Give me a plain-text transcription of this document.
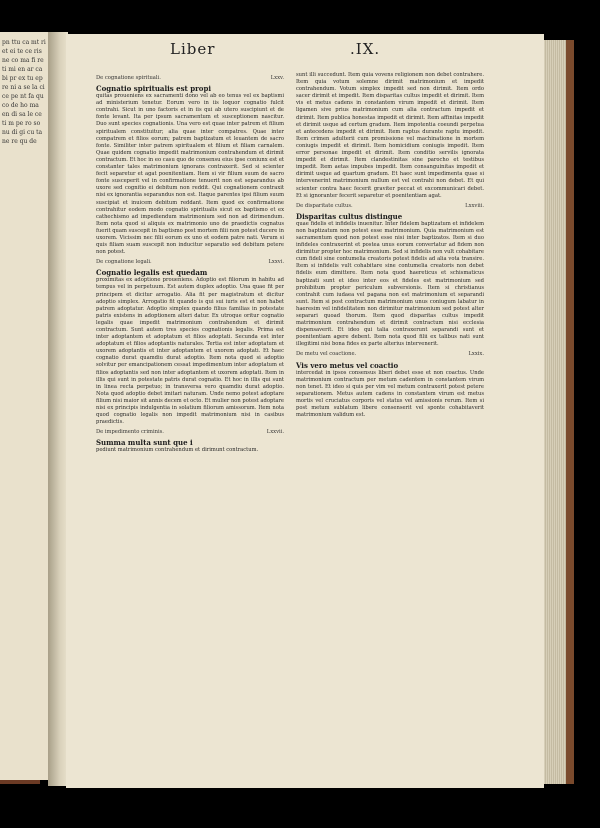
pn ttu ca mt ri et ei te ce ris ne co ma fi re ti mi en ar ca bi pr ex tu ep re ni a se la ci ce pe nt fa qu co de ho ma en di sa le ce ti m pe ro so nu di gi cu ta ne re qu de
Liber	.IX.
De cognatione spirituali.	Lxxv.
Cognatio spiritualis est propi
quitas proueniens ex sacramenti dono vel ab eo tenus vel ex baptismi ad ministerium tenetur. Eorum vero in iis loquor cognatio fulcit contrahi. Sicut in uno factoris et in iis qui ab utero suscipiunt et de fonte levant. Ita per ipsum sacramentum et susceptionem nascitur. Duo sunt species cognationis. Una vero est quae inter patrem et filium spiritualem constituitur; alia quae inter compatres. Quae inter compatrem et filios eorum; patrem baptizatum et leuantem de sacro fonte. Similiter inter patrem spiritualem et filium et filiam carnalem. Quae quidem cognatio impedit matrimonium contrahendum et dirimit contractum. Et hoc in eo casu quo de consensu eius ipse coniunx est et constanter tales matrimonium ignorans contraxerit. Sed si scienter fecit separetur et agat poenitentiam. Item si vir filium suum de sacro fonte susceperit vel in confirmatione tenuerit non est separandus ab uxore sed cognitio ei debitum non reddit. Qui cognationem contraxit nisi ex ignorantia separandus non est. Itaque parentes ipsi filium suum suscipiat et inuicem debitum reddant. Item quod ex confirmatione contrahitur eodem modo cognatio spiritualis sicut ex baptismo et ex cathechismo ad impediendum matrimonium sed non ad dirimendum. Item nota quod si aliquis ex matrimonio uno de praedictis cognatus fuerit quam suscepit in baptismo post mortem filii non potest ducere in uxorem. Vicissim nec filii eorum ex uno et eodem patre nati. Verum si quis filiam suam suscepit non inducitur separatio sed debitum petere non potest.
De cognatione legali.	Lxxvi.
Cognatio legalis est quedam
proximitas ex adoptione proueniens. Adoptio est filiorum in habitu ad tempus vel in perpetuum. Est autem duplex adoptio. Una quae fit per principem et dicitur arrogatio. Alia fit per magistratum et dicitur adoptio simplex. Arrogatio fit quando is qui sui iuris est et non habet patrem adoptatur. Adoptio simplex quando filius familias in potestate patris existens in adoptionem alteri datur. Ex utroque oritur cognatio legalis quae impedit matrimonium contrahendum et dirimit contractum. Sunt autem tres species cognationis legalis. Prima est inter adoptantem et adoptatum et filios adoptati. Secunda est inter adoptatum et filios adoptantis naturales. Tertia est inter adoptatum et uxorem adoptantis et inter adoptantem et uxorem adoptati. Et haec cognatio durat quamdiu durat adoptio. Item nota quod si adoptio solvitur per emancipationem cessat impedimentum inter adoptatum et filios adoptantis sed non inter adoptantem et uxorem adoptati. Item in illis qui sunt in potestate patris durat cognatio. Et hoc in illis qui sunt in linea recta perpetuo; in transversa vero quamdiu durat adoptio. Nota quod adoptio debet imitari naturam. Unde nemo potest adoptare filium nisi maior sit annis decem et octo. Et mulier non potest adoptare nisi ex principis indulgentia in solatium filiorum amissorum. Item nota quod cognatio legalis non impedit matrimonium nisi in casibus praedictis.
De impedimento criminis.	Lxxvii.
Summa multa sunt que i
pediunt matrimonium contrahendum et dirimunt contractum.
sunt illi succedunt. Item quia vovens religionem non debet contrahere. Item quia votum solemne dirimit matrimonium et impedit contrahendum. Votum simplex impedit sed non dirimit. Item ordo sacer dirimit et impedit. Item disparitas cultus impedit et dirimit. Item vis et metus cadens in constantem virum impedit et dirimit. Item ligamen sive prius matrimonium cum alia contractum impedit et dirimit. Item publica honestas impedit et dirimit. Item affinitas impedit et dirimit usque ad certum gradum. Item impotentia coeundi perpetua et antecedens impedit et dirimit. Item raptus durante raptu impedit. Item crimen adulterii cum promissione vel machinatione in mortem coniugis impedit et dirimit. Item homicidium coniugis impedit. Item error personae impedit et dirimit. Item conditio servilis ignorata impedit et dirimit. Item clandestinitas sine parocho et testibus impedit. Item aetas impubes impedit. Item consanguinitas impedit et dirimit usque ad quartum gradum. Et haec sunt impedimenta quae si intervenerint matrimonium nullum est vel contrahi non debet. Et qui scienter contra haec fecerit graviter peccat et excommunicari debet. Et si ignoranter fecerit separetur et poenitentiam agat.
De disparitate cultus.	Lxxviii.
Disparitas cultus distingue
quae fidelis et infidelis inuenitur. Inter fidelem baptizatum et infidelem non baptizatum non potest esse matrimonium. Quia matrimonium est sacramentum quod non potest esse nisi inter baptizatos. Item si duo infideles contraxerint et postea unus eorum convertatur ad fidem non dirimitur propter hoc matrimonium. Sed si infidelis non vult cohabitare cum fideli sine contumelia creatoris potest fidelis ad alia vota transire. Item si infidelis vult cohabitare sine contumelia creatoris non debet fidelis eum dimittere. Item nota quod haereticus et schismaticus baptizati sunt et ideo inter eos et fideles est matrimonium sed prohibitum propter periculum subversionis. Item si christianus contrahit cum iudaea vel pagana non est matrimonium et separandi sunt. Item si post contractum matrimonium unus coniugum labatur in haeresim vel infidelitatem non dirimitur matrimonium sed potest alter separari quoad thorum. Item quod disparitas cultus impedit matrimonium contrahendum et dirimit contractum nisi ecclesia dispensaverit. Et ideo qui talia contraxerunt separandi sunt et poenitentiam agere debent. Item nota quod filii ex talibus nati sunt illegitimi nisi bona fides ex parte alterius intervenerit.
De metu vel coactione.	Lxxix.
Vis vero metus vel coactio
intercedat in ipsos consensus liberi debet esse et non coactus. Unde matrimonium contractum per metum cadentem in constantem virum non tenet. Et ideo si quis per vim vel metum contraxerit potest petere separationem. Metus autem cadens in constantem virum est metus mortis vel cruciatus corporis vel status vel amissionis rerum. Item si post metum sublatum libere consenserit vel sponte cohabitaverit matrimonium validum est.
